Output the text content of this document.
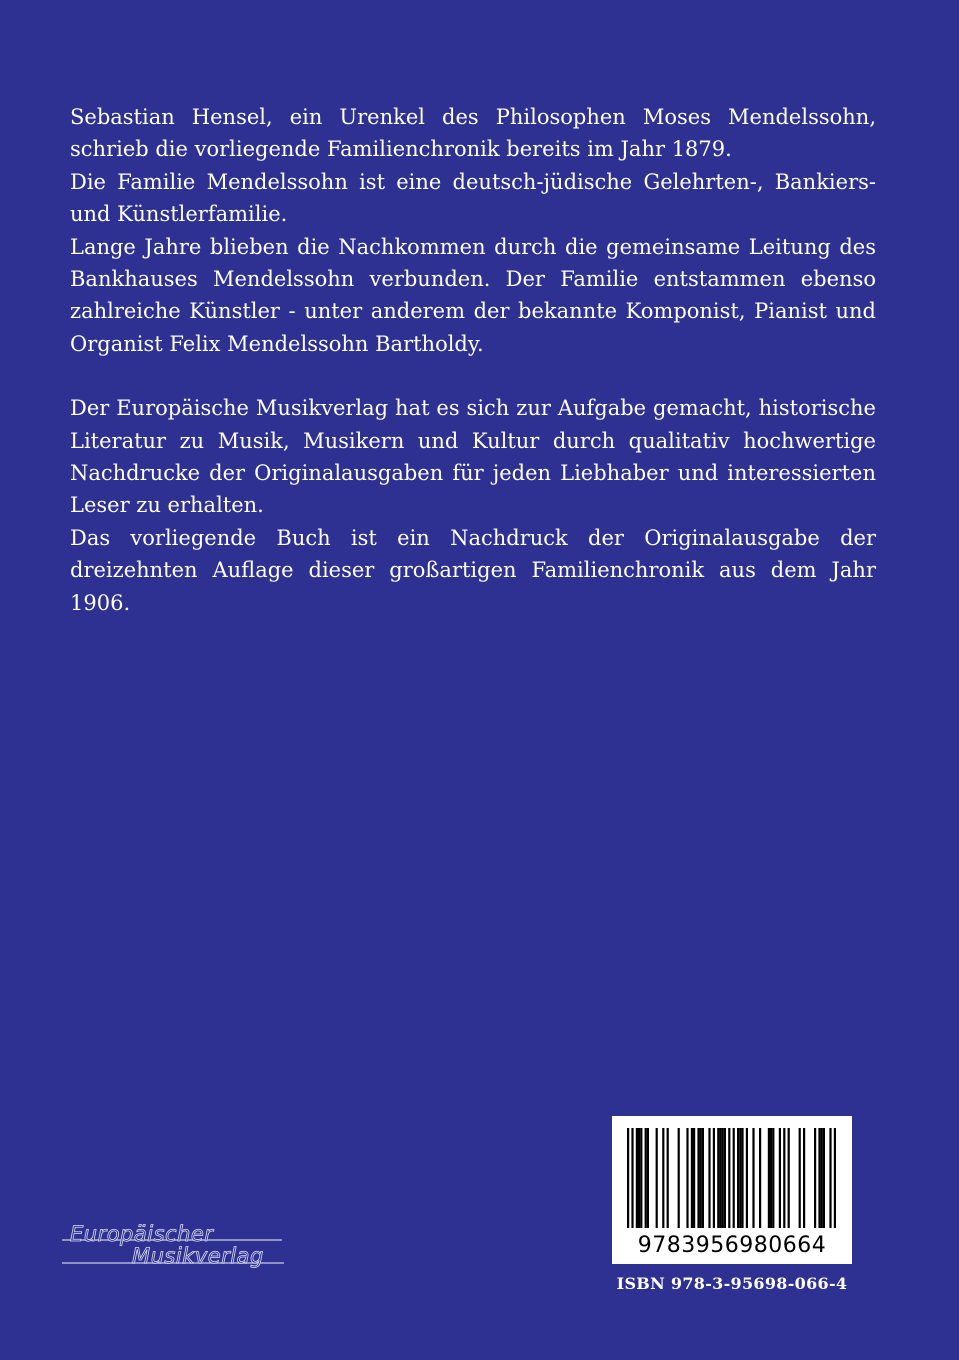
Sebastian Hensel, ein Urenkel des Philosophen Moses Mendelssohn, schrieb die vorliegende Familienchronik bereits im Jahr 1879.

Die Familie Mendelssohn ist eine deutsch-jüdische Gelehrten-, Bankiers- und Künstlerfamilie.

Lange Jahre blieben die Nachkommen durch die gemeinsame Leitung des Bankhauses Mendelssohn verbunden. Der Familie entstammen ebenso zahlreiche Künstler - unter anderem der bekannte Komponist, Pianist und Organist Felix Mendelssohn Bartholdy.

Der Europäische Musikverlag hat es sich zur Aufgabe gemacht, historische Literatur zu Musik, Musikern und Kultur durch qualitativ hochwertige Nachdrucke der Originalausgaben für jeden Liebhaber und interessierten Leser zu erhalten.

Das vorliegende Buch ist ein Nachdruck der Originalausgabe der dreizehnten Auflage dieser großartigen Familienchronik aus dem Jahr 1906.

Europäischer
Musikverlag	9783956980664
ISBN 978-3-95698-066-4
